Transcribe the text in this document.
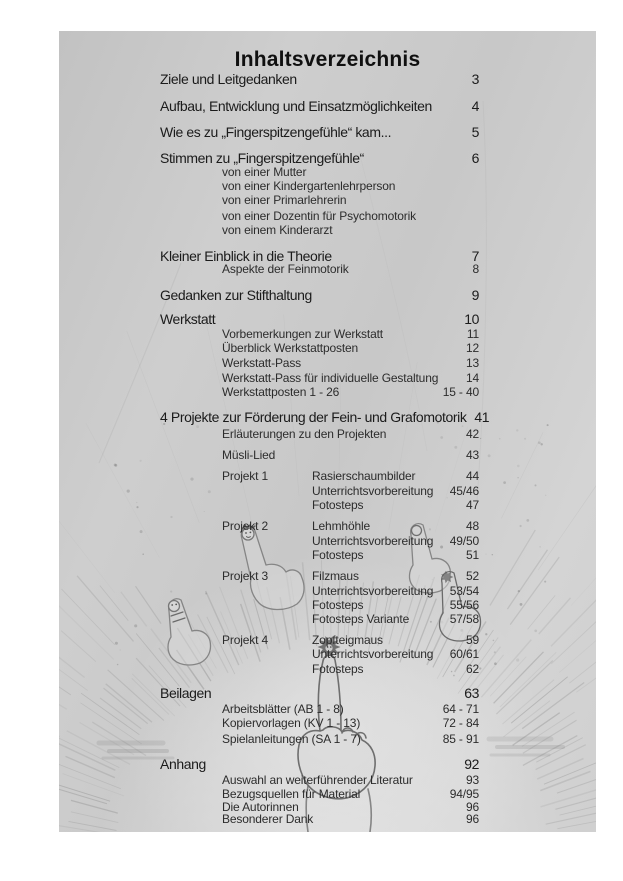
Inhaltsverzeichnis
Ziele und Leitgedanken	3
Aufbau, Entwicklung und Einsatzmöglichkeiten	4
Wie es zu „Fingerspitzengefühle“ kam...	5
Stimmen zu „Fingerspitzengefühle“	6
von einer Mutter
von einer Kindergartenlehrperson
von einer Primarlehrerin
von einer Dozentin für Psychomotorik
von einem Kinderarzt
Kleiner Einblick in die Theorie	7
Aspekte der Feinmotorik	8
Gedanken zur Stifthaltung	9
Werkstatt	10
Vorbemerkungen zur Werkstatt	11
Überblick Werkstattposten	12
Werkstatt-Pass	13
Werkstatt-Pass für individuelle Gestaltung	14
Werkstattposten 1 - 26	15 - 40
4 Projekte zur Förderung der Fein- und Grafomotorik 41
Erläuterungen zu den Projekten	42
Müsli-Lied	43
Projekt 1	Rasierschaumbilder	44
Unterrichtsvorbereitung	45/46
Fotosteps	47
Projekt 2	Lehmhöhle	48
Unterrichtsvorbereitung	49/50
Fotosteps	51
Projekt 3	Filzmaus	52
Unterrichtsvorbereitung	53/54
Fotosteps	55/56
Fotosteps Variante	57/58
Projekt 4	Zopfteigmaus	59
Unterrichtsvorbereitung	60/61
Fotosteps	62
Beilagen	63
Arbeitsblätter (AB 1 - 8)	64 - 71
Kopiervorlagen (KV 1 - 13)	72 - 84
Spielanleitungen (SA 1 - 7)	85 - 91
Anhang	92
Auswahl an weiterführender Literatur	93
Bezugsquellen für Material	94/95
Die Autorinnen	96
Besonderer Dank	96
